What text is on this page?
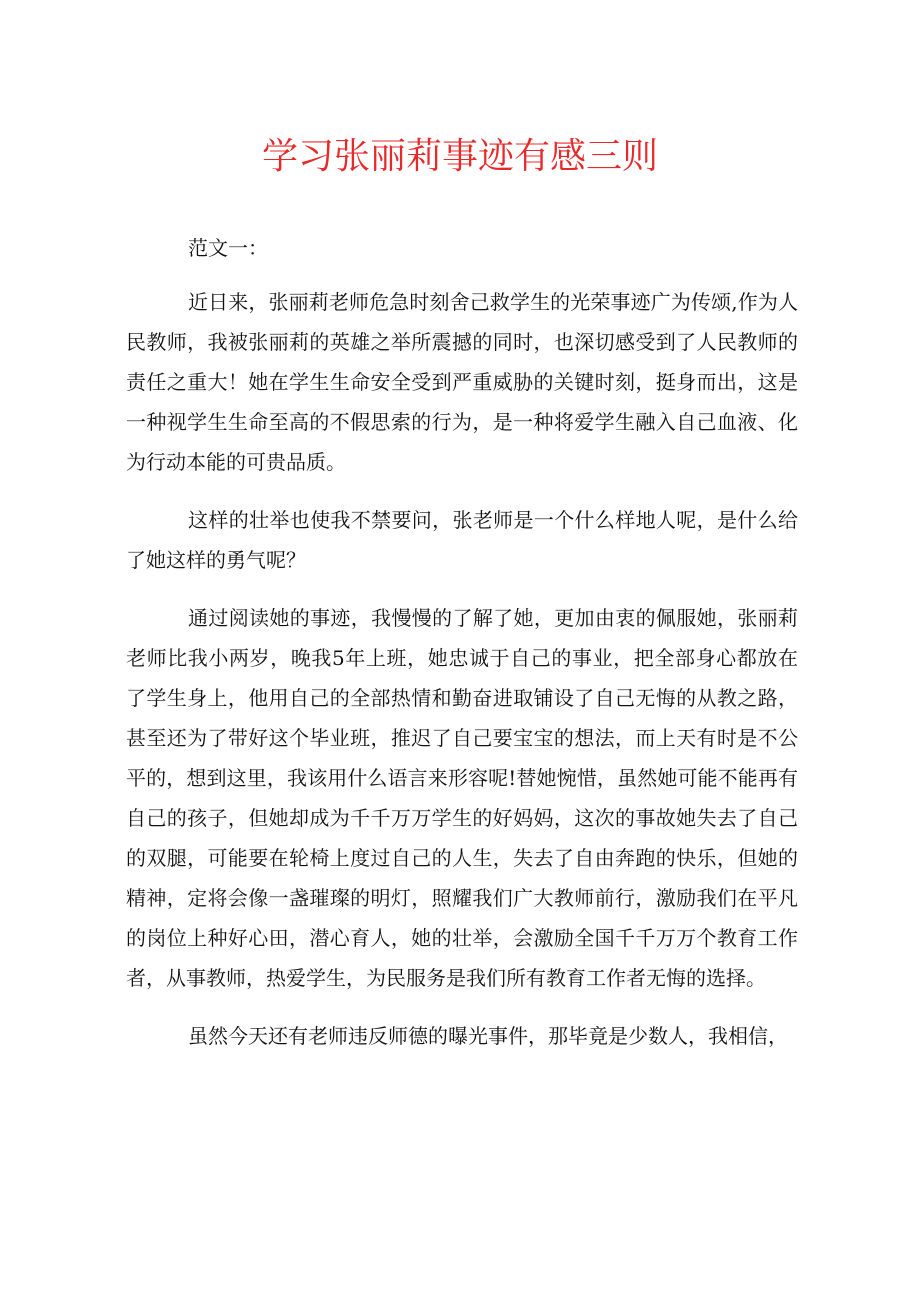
学习张丽莉事迹有感三则

范文一：

近日来，张丽莉老师危急时刻舍己救学生的光荣事迹广为传颂,作为人民教师，我被张丽莉的英雄之举所震撼的同时，也深切感受到了人民教师的责任之重大！她在学生生命安全受到严重威胁的关键时刻，挺身而出，这是一种视学生生命至高的不假思索的行为，是一种将爱学生融入自己血液、化为行动本能的可贵品质。

这样的壮举也使我不禁要问，张老师是一个什么样地人呢，是什么给了她这样的勇气呢？

通过阅读她的事迹，我慢慢的了解了她，更加由衷的佩服她，张丽莉老师比我小两岁，晚我5年上班，她忠诚于自己的事业，把全部身心都放在了学生身上，他用自己的全部热情和勤奋进取铺设了自己无悔的从教之路，甚至还为了带好这个毕业班，推迟了自己要宝宝的想法，而上天有时是不公平的，想到这里，我该用什么语言来形容呢!替她惋惜，虽然她可能不能再有自己的孩子，但她却成为千千万万学生的好妈妈，这次的事故她失去了自己的双腿，可能要在轮椅上度过自己的人生，失去了自由奔跑的快乐，但她的精神，定将会像一盏璀璨的明灯，照耀我们广大教师前行，激励我们在平凡的岗位上种好心田，潜心育人，她的壮举，会激励全国千千万万个教育工作者，从事教师，热爱学生，为民服务是我们所有教育工作者无悔的选择。

虽然今天还有老师违反师德的曝光事件，那毕竟是少数人，我相信，
